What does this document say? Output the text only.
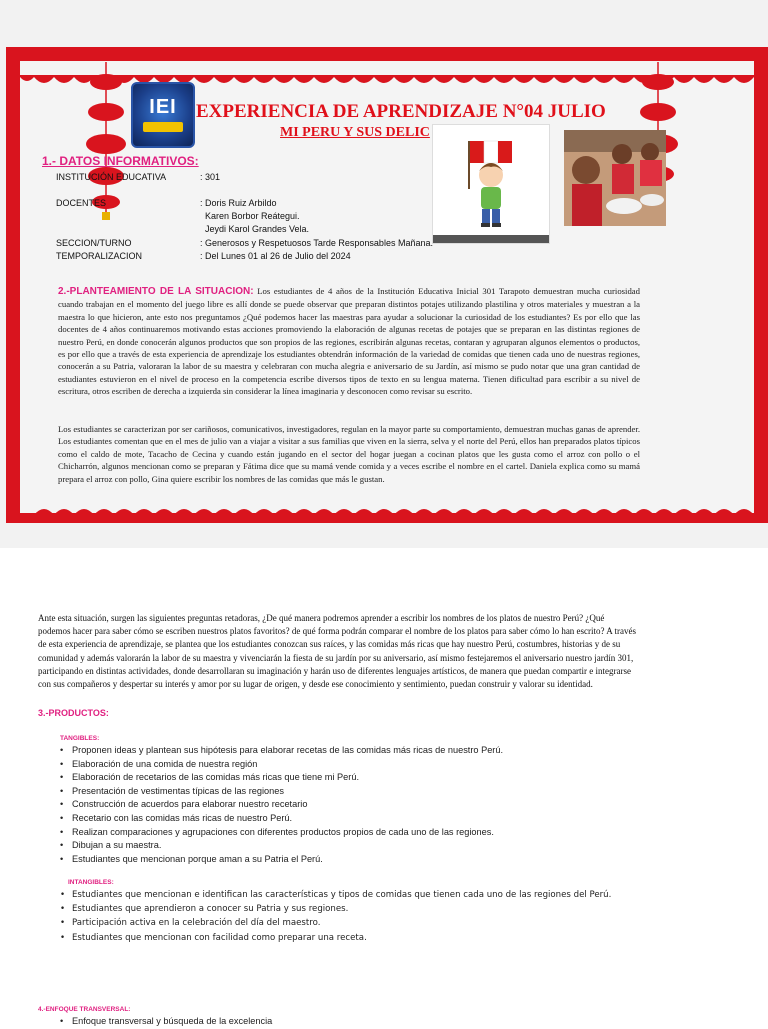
IEI	EXPERIENCIA DE APRENDIZAJE N°04 JULIO
MI PERU Y SUS DELIC
1.- DATOS INFORMATIVOS:
INSTITUCIÓN EDUCATIVA	: 301
DOCENTES	: Doris Ruiz Arbildo
Karen Borbor Reátegui.
Jeydi Karol Grandes Vela.
SECCION/TURNO	: Generosos y Respetuosos Tarde Responsables Mañana.
TEMPORALIZACION	: Del Lunes 01 al 26 de Julio del 2024
2.-PLANTEAMIENTO DE LA SITUACION: Los estudiantes de 4 años de la Institución Educativa Inicial 301 Tarapoto demuestran mucha curiosidad cuando trabajan en el momento del juego libre es allí donde se puede observar que preparan distintos potajes utilizando plastilina y otros materiales y muestran a la maestra lo que hicieron, ante esto nos preguntamos ¿Qué podemos hacer las maestras para ayudar a solucionar la curiosidad de los estudiantes? Es por ello que las docentes de 4 años continuaremos motivando estas acciones promoviendo la elaboración de algunas recetas de potajes que se preparan en las distintas regiones de nuestro Perú, en donde conocerán algunos productos que son propios de las regiones, escribirán algunas recetas, contaran y agruparan algunos elementos o productos, es por ello que a través de esta experiencia de aprendizaje los estudiantes obtendrán información de la variedad de comidas que tienen cada uno de nuestras regiones, conocerán a su Patria, valoraran la labor de su maestra y celebraran con mucha alegria e aniversario de su Jardín, así mismo se pudo notar que una gran cantidad de estudiantes estuvieron en el nivel de proceso en la competencia escribe diversos tipos de texto en su lengua materna. Tienen dificultad para escribir a su nivel de escritura, otros escriben de derecha a izquierda sin considerar la línea imaginaria y desconocen como revisar su escrito.
Los estudiantes se caracterizan por ser cariñosos, comunicativos, investigadores, regulan en la mayor parte su comportamiento, demuestran muchas ganas de aprender. Los estudiantes comentan que en el mes de julio van a viajar a visitar a sus familias que viven en la sierra, selva y el norte del Perú, ellos han preparados platos típicos como el caldo de mote, Tacacho de Cecina y cuando están jugando en el sector del hogar juegan a cocinan platos que les gusta como el arroz con pollo o el Chicharrón, algunos mencionan como se preparan y Fátima dice que su mamá vende comida y a veces escribe el nombre en el cartel. Daniela explica como su mamá prepara el arroz con pollo, Gina quiere escribir los nombres de las comidas que más le gustan.
Ante esta situación, surgen las siguientes preguntas retadoras, ¿De qué manera podremos aprender a escribir los nombres de los platos de nuestro Perú? ¿Qué podemos hacer para saber cómo se escriben nuestros platos favoritos? de qué forma podrán comparar el nombre de los platos para saber cómo lo han escrito? A través de esta experiencia de aprendizaje, se plantea que los estudiantes conozcan sus raíces, y las comidas más ricas que hay nuestro Perú, costumbres, historias y de su comunidad y además valorarán la labor de su maestra y vivenciarán la fiesta de su jardín por su aniversario, así mismo festejaremos el aniversario nuestro jardín 301, participando en distintas actividades, donde desarrollaran su imaginación y harán uso de diferentes lenguajes artísticos, de manera que puedan compartir e integrarse con sus compañeros y despertar su interés y amor por su lugar de origen, y desde ese conocimiento y sentimiento, puedan construir y valorar su identidad.
3.-PRODUCTOS:
TANGIBLES:
• Proponen ideas y plantean sus hipótesis para elaborar recetas de las comidas más ricas de nuestro Perú.
• Elaboración de una comida de nuestra región
• Elaboración de recetarios de las comidas más ricas que tiene mi Perú.
• Presentación de vestimentas típicas de las regiones
• Construcción de acuerdos para elaborar nuestro recetario
• Recetario con las comidas más ricas de nuestro Perú.
• Realizan comparaciones y agrupaciones con diferentes productos propios de cada uno de las regiones.
• Dibujan a su maestra.
• Estudiantes que mencionan porque aman a su Patria el Perú.
INTANGIBLES:
• Estudiantes que mencionan e identifican las características y tipos de comidas que tienen cada uno de las regiones del Perú.
• Estudiantes que aprendieron a conocer su Patria y sus regiones.
• Participación activa en la celebración del día del maestro.
• Estudiantes que mencionan con facilidad como preparar una receta.
4.-ENFOQUE TRANSVERSAL:
• Enfoque transversal y búsqueda de la excelencia
